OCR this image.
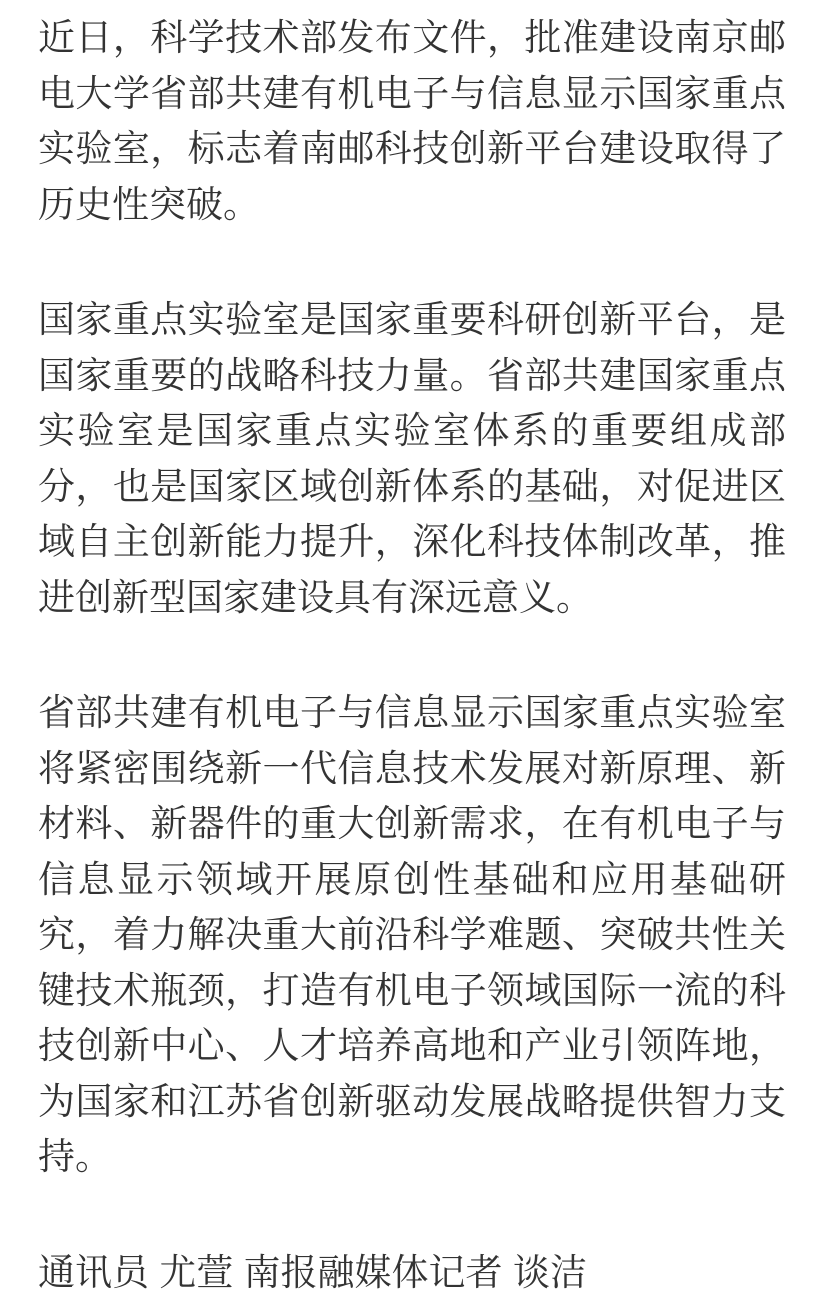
近日，科学技术部发布文件，批准建设南京邮电大学省部共建有机电子与信息显示国家重点实验室，标志着南邮科技创新平台建设取得了历史性突破。

国家重点实验室是国家重要科研创新平台，是国家重要的战略科技力量。省部共建国家重点实验室是国家重点实验室体系的重要组成部分，也是国家区域创新体系的基础，对促进区域自主创新能力提升，深化科技体制改革，推进创新型国家建设具有深远意义。

省部共建有机电子与信息显示国家重点实验室将紧密围绕新一代信息技术发展对新原理、新材料、新器件的重大创新需求，在有机电子与信息显示领域开展原创性基础和应用基础研究，着力解决重大前沿科学难题、突破共性关键技术瓶颈，打造有机电子领域国际一流的科技创新中心、人才培养高地和产业引领阵地，为国家和江苏省创新驱动发展战略提供智力支持。

通讯员 尤萱 南报融媒体记者 谈洁
